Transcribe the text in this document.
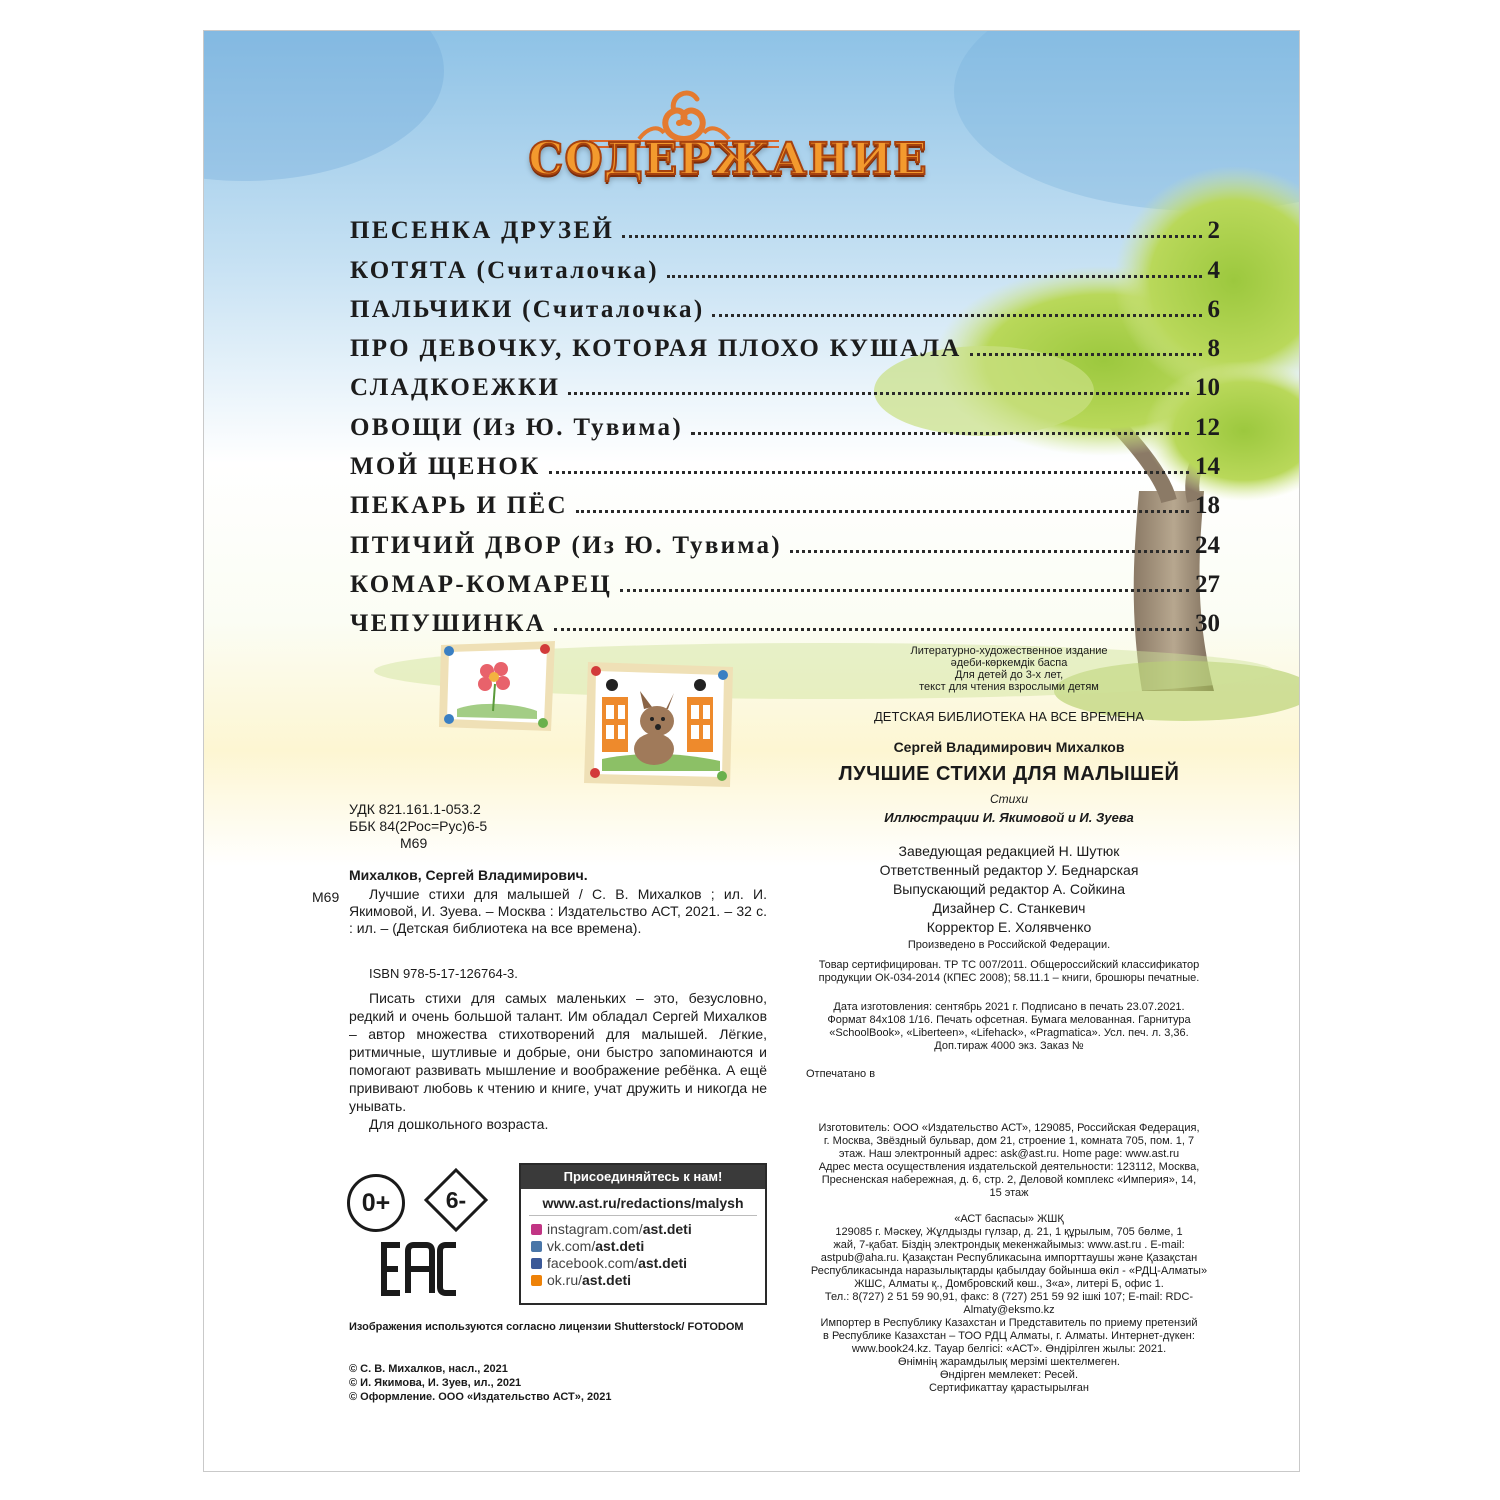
СОДЕРЖАНИЕ
ПЕСЕНКА ДРУЗЕЙ	2
КОТЯТА (Считалочка)	4
ПАЛЬЧИКИ (Считалочка)	6
ПРО ДЕВОЧКУ, КОТОРАЯ ПЛОХО КУШАЛА	8
СЛАДКОЕЖКИ	10
ОВОЩИ (Из Ю. Тувима)	12
МОЙ ЩЕНОК	14
ПЕКАРЬ И ПЁС	18
ПТИЧИЙ ДВОР (Из Ю. Тувима)	24
КОМАР-КОМАРЕЦ	27
ЧЕПУШИНКА	30
Литературно-художественное издание
әдеби-көркемдік баспа
Для детей до 3-х лет,
текст для чтения взрослыми детям
ДЕТСКАЯ БИБЛИОТЕКА НА ВСЕ ВРЕМЕНА
Сергей Владимирович Михалков
ЛУЧШИЕ СТИХИ ДЛЯ МАЛЫШЕЙ
Стихи
Иллюстрации И. Якимовой и И. Зуева
Заведующая редакцией Н. Шутюк
Ответственный редактор У. Беднарская
Выпускающий редактор А. Сойкина
Дизайнер С. Станкевич
Корректор Е. Холявченко
Произведено в Российской Федерации.
Товар сертифицирован. ТР ТС 007/2011. Общероссийский классификатор
продукции ОК-034-2014 (КПЕС 2008); 58.11.1 – книги, брошюры печатные.
Дата изготовления: сентябрь 2021 г. Подписано в печать 23.07.2021.
Формат 84х108 1/16. Печать офсетная. Бумага мелованная. Гарнитура
«SchoolBook», «Liberteen», «Lifehack», «Pragmatica». Усл. печ. л. 3,36.
Доп.тираж 4000 экз. Заказ №
Отпечатано в
Изготовитель: ООО «Издательство АСТ», 129085, Российская Федерация,
г. Москва, Звёздный бульвар, дом 21, строение 1, комната 705, пом. 1, 7
этаж. Наш электронный адрес: ask@ast.ru. Home page: www.ast.ru
Адрес места осуществления издательской деятельности: 123112, Москва,
Пресненская набережная, д. 6, стр. 2, Деловой комплекс «Империя», 14,
15 этаж
«АСТ баспасы» ЖШҚ
129085 г. Мәскеу, Жұлдызды гүлзар, д. 21, 1 құрылым, 705 бөлме, 1
жай, 7-қабат. Біздің электрондық мекенжайымыз: www.ast.ru . E-mail:
astpub@aha.ru. Қазақстан Республикасына импорттаушы және Қазақстан
Республикасында наразылықтарды қабылдау бойынша өкіл - «РДЦ-Алматы»
ЖШС, Алматы қ., Домбровский көш., 3«а», литері Б, офис 1.
Тел.: 8(727) 2 51 59 90,91, факс: 8 (727) 251 59 92 ішкі 107; E-mail: RDC-
Almaty@eksmo.kz
Импортер в Республику Казахстан и Представитель по приему претензий
в Республике Казахстан – ТОО РДЦ Алматы, г. Алматы. Интернет-дүкен:
www.book24.kz. Тауар белгісі: «АСТ». Өндірілген жылы: 2021.
Өнімнің жарамдылық мерзімі шектелмеген.
Өндірген мемлекет: Ресей.
Сертификаттау қарастырылған
УДК 821.161.1-053.2
ББК 84(2Рос=Рус)6-5
М69
Михалков, Сергей Владимирович.
М69	Лучшие стихи для малышей / С. В. Михалков ; ил. И. Якимовой, И. Зуева. – Москва : Издательство АСТ, 2021. – 32 с. : ил. – (Детская библиотека на все времена).
ISBN 978-5-17-126764-3.

Писать стихи для самых маленьких – это, безусловно, редкий и очень большой талант. Им обладал Сергей Михалков – автор множества стихотворений для малышей. Лёгкие, ритмичные, шутливые и добрые, они быстро запоминаются и помогают развивать мышление и воображение ребёнка. А ещё прививают любовь к чтению и книге, учат дружить и никогда не унывать.

Для дошкольного возраста.

0+	6-
Присоединяйтесь к нам!
www.ast.ru/redactions/malysh
instagram.com/ ast.deti
vk.com/ ast.deti
facebook.com/ ast.deti
ok.ru/ ast.deti
Изображения используются согласно лицензии Shutterstock/ FOTODOM
© С. В. Михалков, насл., 2021
© И. Якимова, И. Зуев, ил., 2021
© Оформление. ООО «Издательство АСТ», 2021
